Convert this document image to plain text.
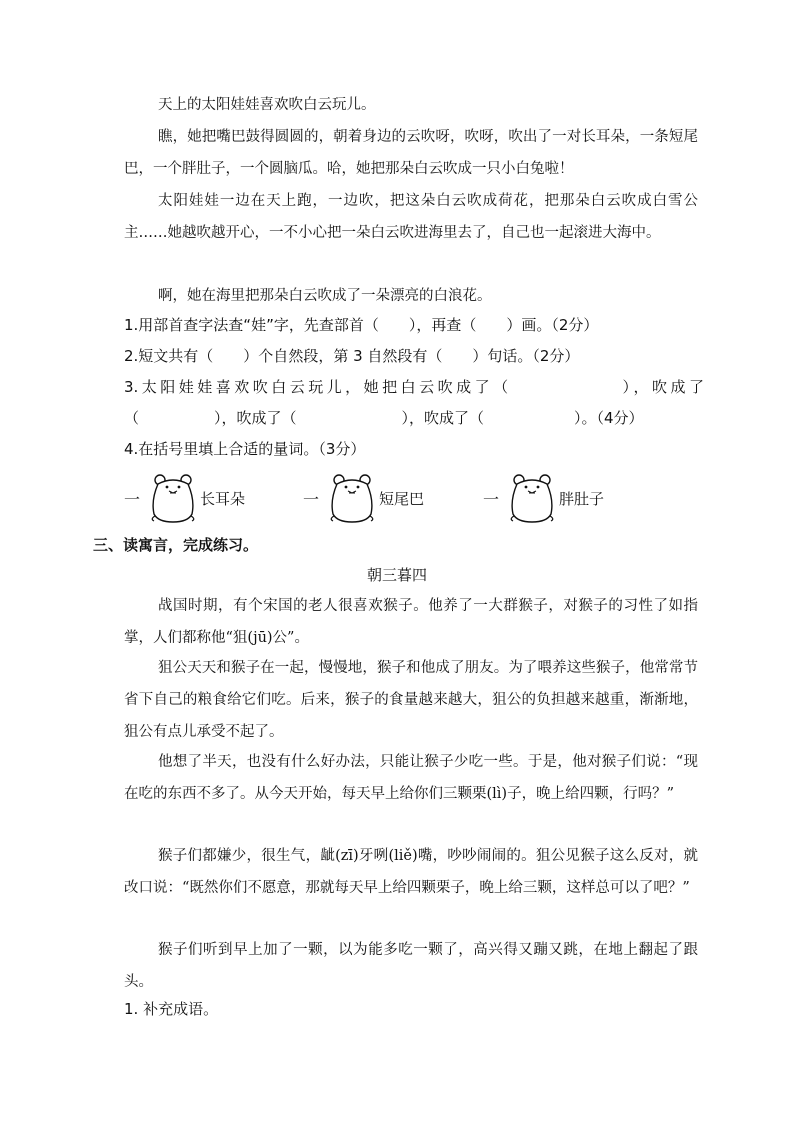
天上的太阳娃娃喜欢吹白云玩儿。

瞧，她把嘴巴鼓得圆圆的，朝着身边的云吹呀，吹呀，吹出了一对长耳朵，一条短尾巴，一个胖肚子，一个圆脑瓜。哈，她把那朵白云吹成一只小白兔啦！

太阳娃娃一边在天上跑，一边吹，把这朵白云吹成荷花，把那朵白云吹成白雪公主……她越吹越开心，一不小心把一朵白云吹进海里去了，自己也一起滚进大海中。

啊，她在海里把那朵白云吹成了一朵漂亮的白浪花。

1.用部首查字法查“娃”字，先查部首（　　），再查（　　）画。（2分）

2.短文共有（　　）个自然段，第 3 自然段有（　　）句话。（2分）

3.太阳娃娃喜欢吹白云玩儿，她把白云吹成了（　　　　　　），吹成了（　　　　　），吹成了（　　　　　　　），吹成了（　　　　　　）。（4分）

4.在括号里填上合适的量词。（3分）

一	长耳朵	一	短尾巴	一	胖肚子
三、读寓言，完成练习。
朝三暮四

战国时期，有个宋国的老人很喜欢猴子。他养了一大群猴子，对猴子的习性了如指掌，人们都称他“狙(jū)公”。

狙公天天和猴子在一起，慢慢地，猴子和他成了朋友。为了喂养这些猴子，他常常节省下自己的粮食给它们吃。后来，猴子的食量越来越大，狙公的负担越来越重，渐渐地，狙公有点儿承受不起了。

他想了半天，也没有什么好办法，只能让猴子少吃一些。于是，他对猴子们说：“现在吃的东西不多了。从今天开始，每天早上给你们三颗栗(lì)子，晚上给四颗，行吗？”

猴子们都嫌少，很生气，龇(zī)牙咧(liě)嘴，吵吵闹闹的。狙公见猴子这么反对，就改口说：“既然你们不愿意，那就每天早上给四颗栗子，晚上给三颗，这样总可以了吧？”

猴子们听到早上加了一颗，以为能多吃一颗了，高兴得又蹦又跳，在地上翻起了跟头。

1. 补充成语。
